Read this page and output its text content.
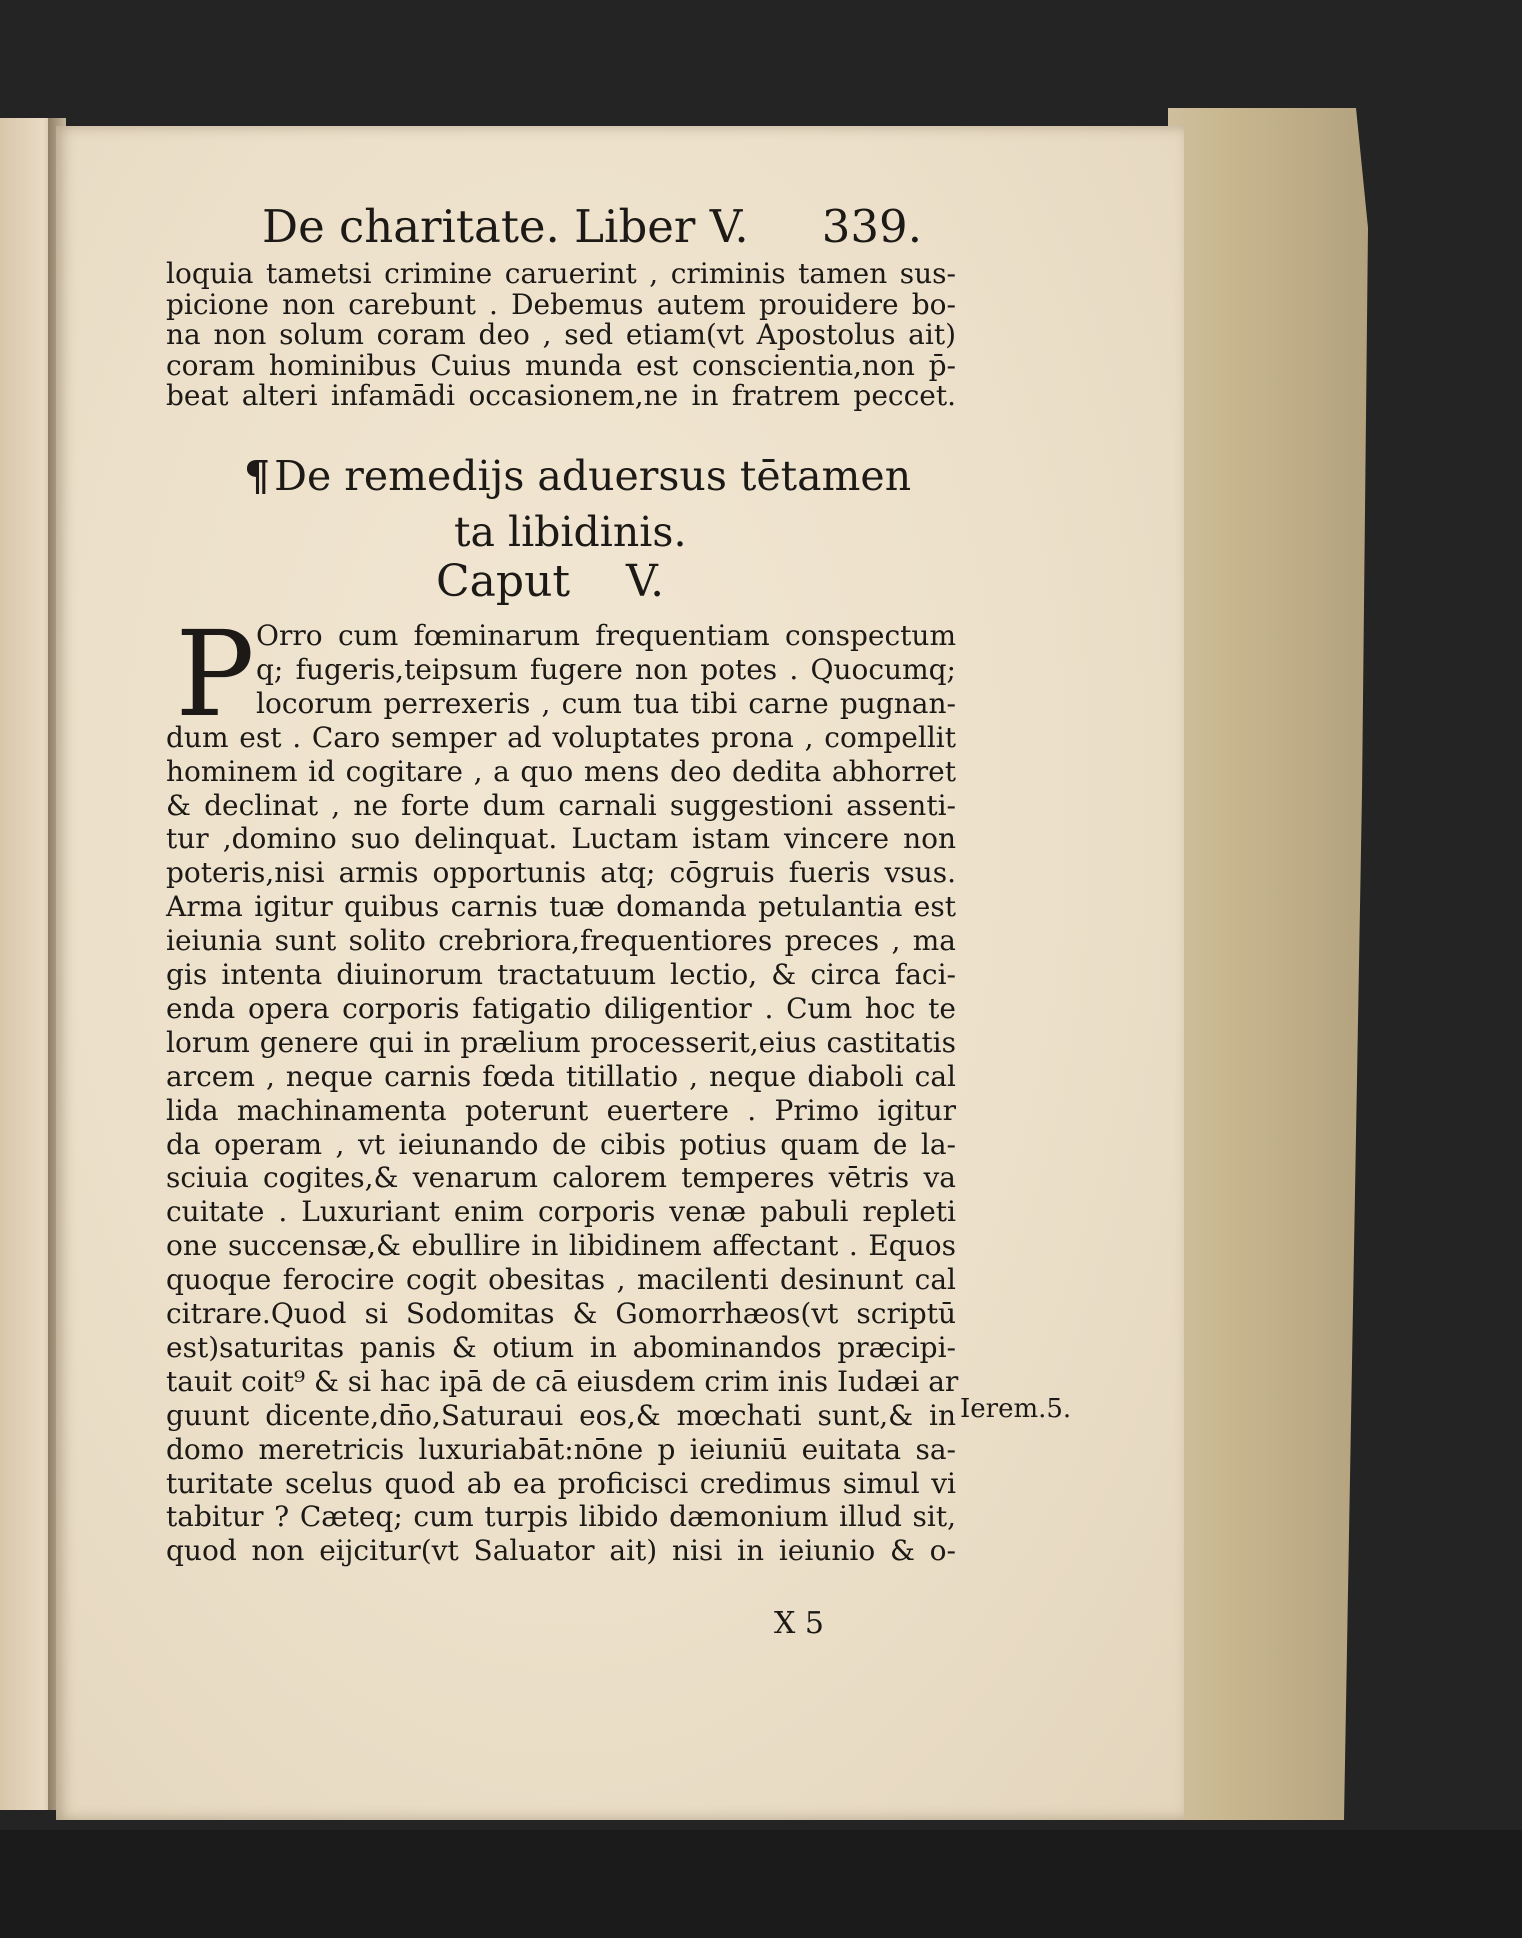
De charitate. Liber V. 339.
loquia tametsi crimine caruerint , criminis tamen sus-
picione non carebunt . Debemus autem prouidere bo-
na non solum coram deo , sed etiam(vt Apostolus ait)
coram hominibus Cuius munda est conscientia,non p̄-
beat alteri infamādi occasionem,ne in fratrem peccet.
¶De remedijs aduersus tētamen
ta libidinis.
Caput    V.
P Orro cum fœminarum frequentiam conspectum
q; fugeris,teipsum fugere non potes . Quocumq;
locorum perrexeris , cum tua tibi carne pugnan-
dum est . Caro semper ad voluptates prona , compellit
hominem id cogitare , a quo mens deo dedita abhorret
& declinat , ne forte dum carnali suggestioni assenti-
tur ,domino suo delinquat. Luctam istam vincere non
poteris,nisi armis opportunis atq; cōgruis fueris vsus.
Arma igitur quibus carnis tuæ domanda petulantia est
ieiunia sunt solito crebriora,frequentiores preces , ma
gis intenta diuinorum tractatuum lectio, & circa faci-
enda opera corporis fatigatio diligentior . Cum hoc te
lorum genere qui in prælium processerit,eius castitatis
arcem , neque carnis fœda titillatio , neque diaboli cal
lida machinamenta poterunt euertere . Primo igitur
da operam , vt ieiunando de cibis potius quam de la-
sciuia cogites,& venarum calorem temperes vētris va
cuitate . Luxuriant enim corporis venæ pabuli repleti
one succensæ,& ebullire in libidinem affectant . Equos
quoque ferocire cogit obesitas , macilenti desinunt cal
citrare.Quod si Sodomitas & Gomorrhæos(vt scriptū
est)saturitas panis & otium in abominandos præcipi-
tauit coit⁹ & si hac ipā de cā eiusdem crim inis Iudæi ar
guunt dicente,dn̄o,Saturaui eos,& mœchati sunt,& in
domo meretricis luxuriabāt:nōne p ieiuniū euitata sa-
turitate scelus quod ab ea proficisci credimus simul vi
tabitur ? Cæteq; cum turpis libido dæmonium illud sit,
quod non eijcitur(vt Saluator ait) nisi in ieiunio & o-
Ierem.5.
X 5
